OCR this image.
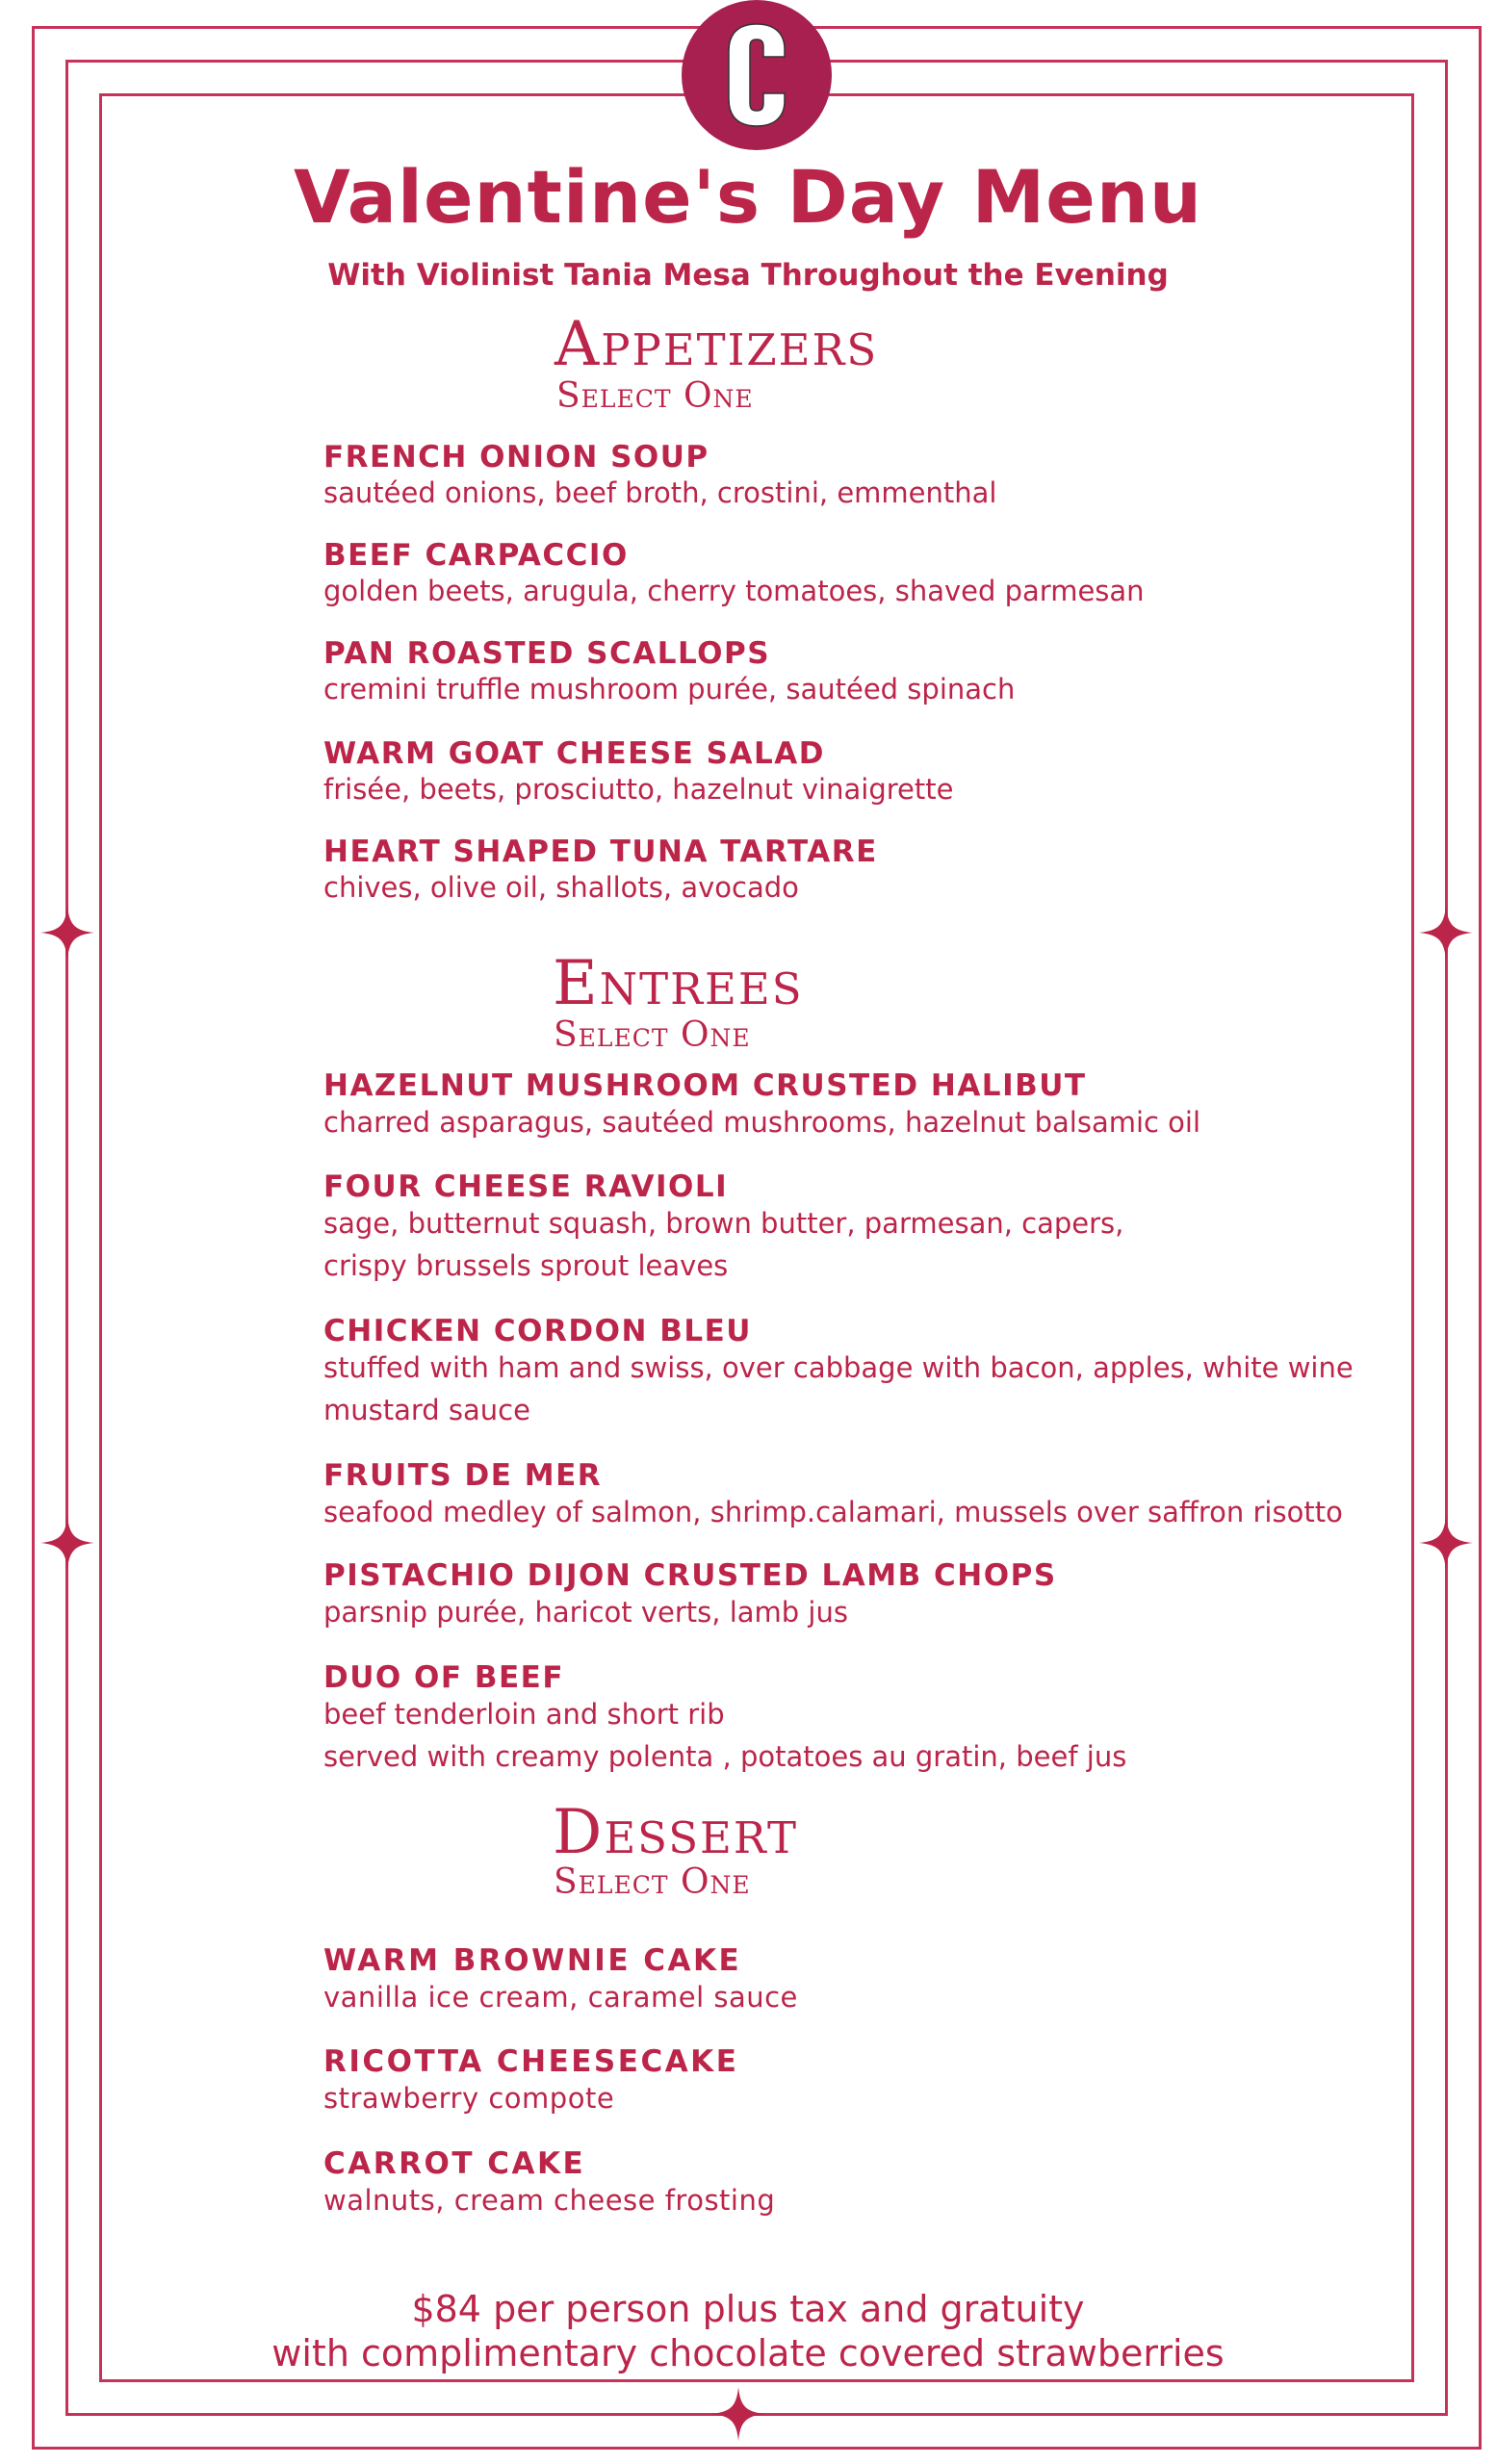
Valentine's Day Menu
With Violinist Tania Mesa Throughout the Evening
Appetizers
Select One
FRENCH ONION SOUP
sautéed onions, beef broth, crostini, emmenthal
BEEF CARPACCIO
golden beets, arugula, cherry tomatoes, shaved parmesan
PAN ROASTED SCALLOPS
cremini truffle mushroom purée, sautéed spinach
WARM GOAT CHEESE SALAD
frisée, beets, prosciutto, hazelnut vinaigrette
HEART SHAPED TUNA TARTARE
chives, olive oil, shallots, avocado
Entrees
Select One
HAZELNUT MUSHROOM CRUSTED HALIBUT
charred asparagus, sautéed mushrooms, hazelnut balsamic oil
FOUR CHEESE RAVIOLI
sage, butternut squash, brown butter, parmesan, capers,
crispy brussels sprout leaves
CHICKEN CORDON BLEU
stuffed with ham and swiss, over cabbage with bacon, apples, white wine
mustard sauce
FRUITS DE MER
seafood medley of salmon, shrimp.calamari, mussels over saffron risotto
PISTACHIO DIJON CRUSTED LAMB CHOPS
parsnip purée, haricot verts, lamb jus
DUO OF BEEF
beef tenderloin and short rib
served with creamy polenta , potatoes au gratin, beef jus
Dessert
Select One
WARM BROWNIE CAKE
vanilla ice cream, caramel sauce
RICOTTA CHEESECAKE
strawberry compote
CARROT CAKE
walnuts, cream cheese frosting
$84 per person plus tax and gratuity
with complimentary chocolate covered strawberries
